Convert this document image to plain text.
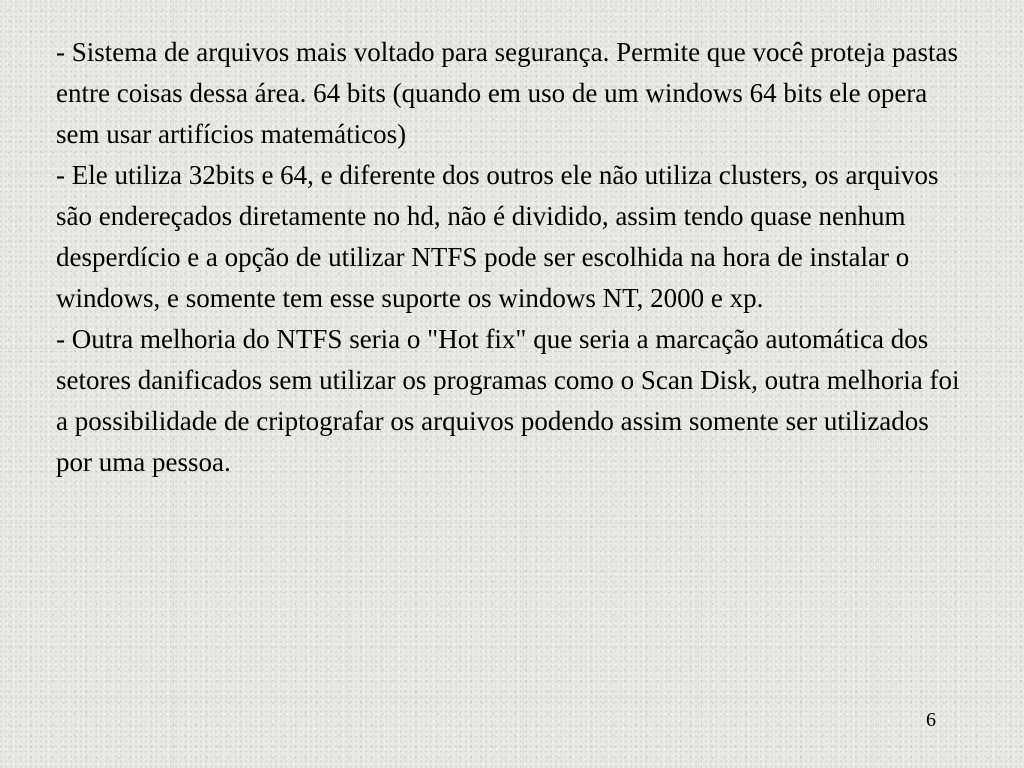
- Sistema de arquivos mais voltado para segurança. Permite que você proteja pastas entre coisas dessa área. 64 bits (quando em uso de um windows 64 bits ele opera sem usar artifícios matemáticos)

- Ele utiliza 32bits e 64, e diferente dos outros ele não utiliza clusters, os arquivos são endereçados diretamente no hd, não é dividido, assim tendo quase nenhum desperdício e a opção de utilizar NTFS pode ser escolhida na hora de instalar o windows, e somente tem esse suporte os windows NT, 2000 e xp.

- Outra melhoria do NTFS seria o "Hot fix" que seria a marcação automática dos setores danificados sem utilizar os programas como o Scan Disk, outra melhoria foi a possibilidade de criptografar os arquivos podendo assim somente ser utilizados por uma pessoa.

6
